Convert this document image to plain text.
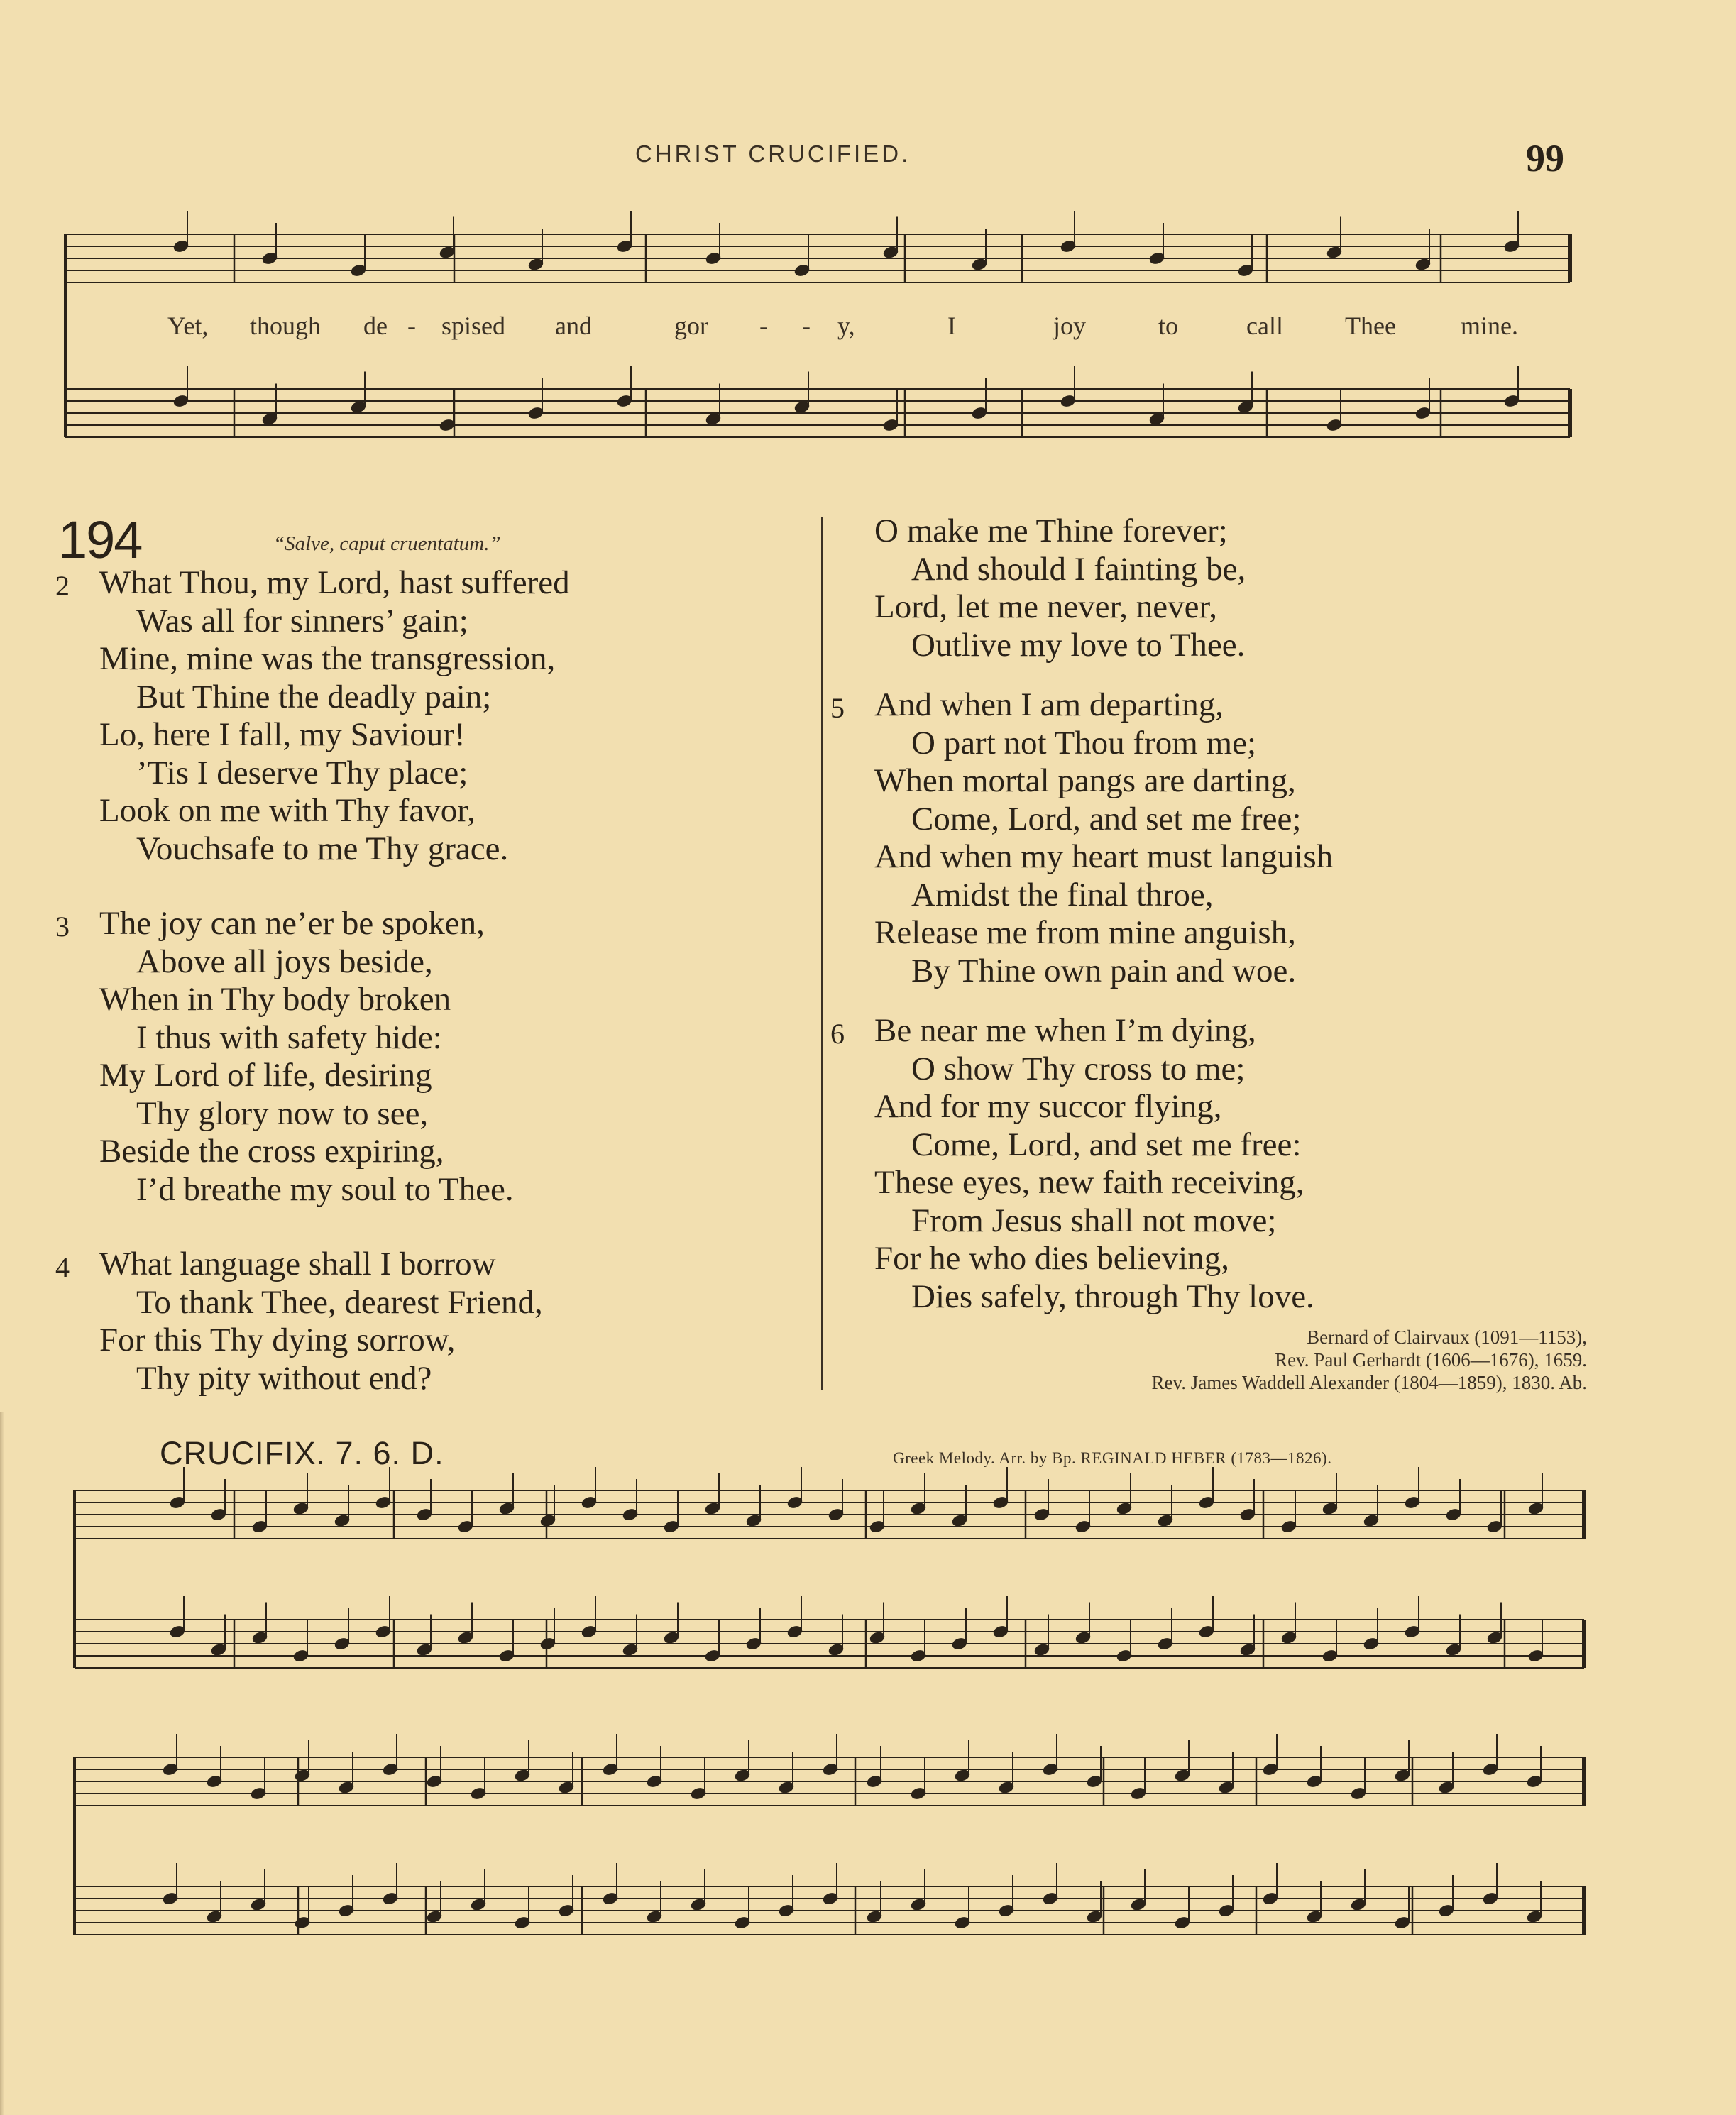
CHRIST CRUCIFIED.	99
Yet, though de - spised and	gor - - y,	I	joy	to	call Thee	mine.
194	“Salve, caput cruentatum.”
2 What Thou, my Lord, hast suffered
Was all for sinners’ gain;
Mine, mine was the transgression,
But Thine the deadly pain;
Lo, here I fall, my Saviour!
’Tis I deserve Thy place;
Look on me with Thy favor,
Vouchsafe to me Thy grace.
3 The joy can ne’er be spoken,
Above all joys beside,
When in Thy body broken
I thus with safety hide:
My Lord of life, desiring
Thy glory now to see,
Beside the cross expiring,
I’d breathe my soul to Thee.
4 What language shall I borrow
To thank Thee, dearest Friend,
For this Thy dying sorrow,
Thy pity without end?
O make me Thine forever;
And should I fainting be,
Lord, let me never, never,
Outlive my love to Thee.
5 And when I am departing,
O part not Thou from me;
When mortal pangs are darting,
Come, Lord, and set me free;
And when my heart must languish
Amidst the final throe,
Release me from mine anguish,
By Thine own pain and woe.
6 Be near me when I’m dying,
O show Thy cross to me;
And for my succor flying,
Come, Lord, and set me free:
These eyes, new faith receiving,
From Jesus shall not move;
For he who dies believing,
Dies safely, through Thy love.
Bernard of Clairvaux (1091—1153),
Rev. Paul Gerhardt (1606—1676), 1659.
Rev. James Waddell Alexander (1804—1859), 1830. Ab.
CRUCIFIX. 7. 6. D.	Greek Melody. Arr. by Bp. REGINALD HEBER (1783—1826).
